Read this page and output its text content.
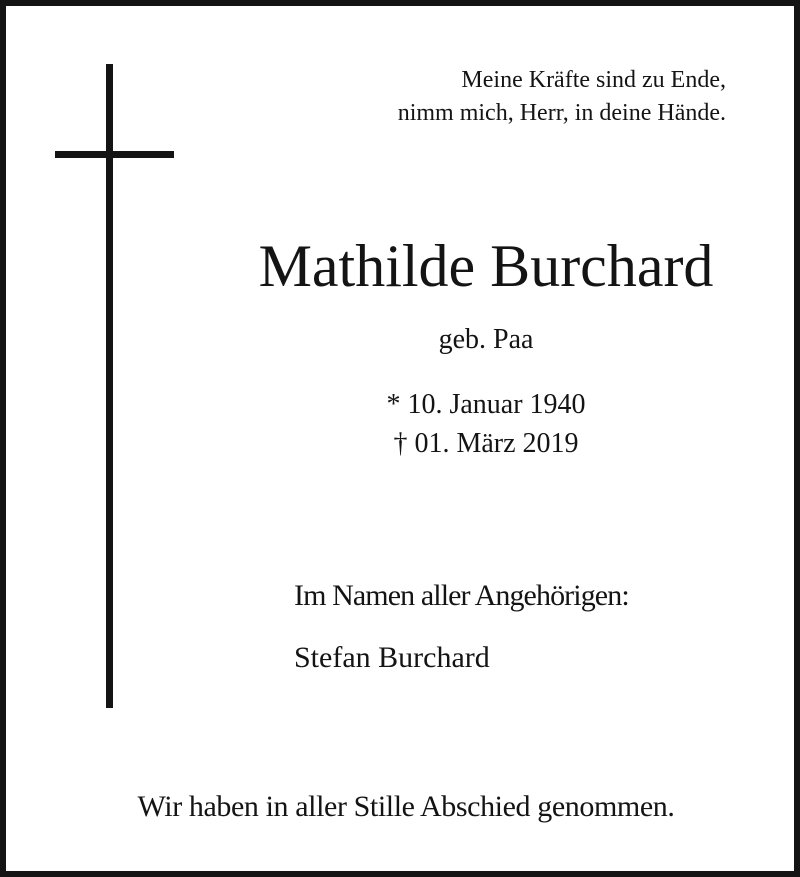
Meine Kräfte sind zu Ende,
nimm mich, Herr, in deine Hände.
Mathilde Burchard
geb. Paa
* 10. Januar 1940
† 01. März 2019
Im Namen aller Angehörigen:
Stefan Burchard
Wir haben in aller Stille Abschied genommen.
